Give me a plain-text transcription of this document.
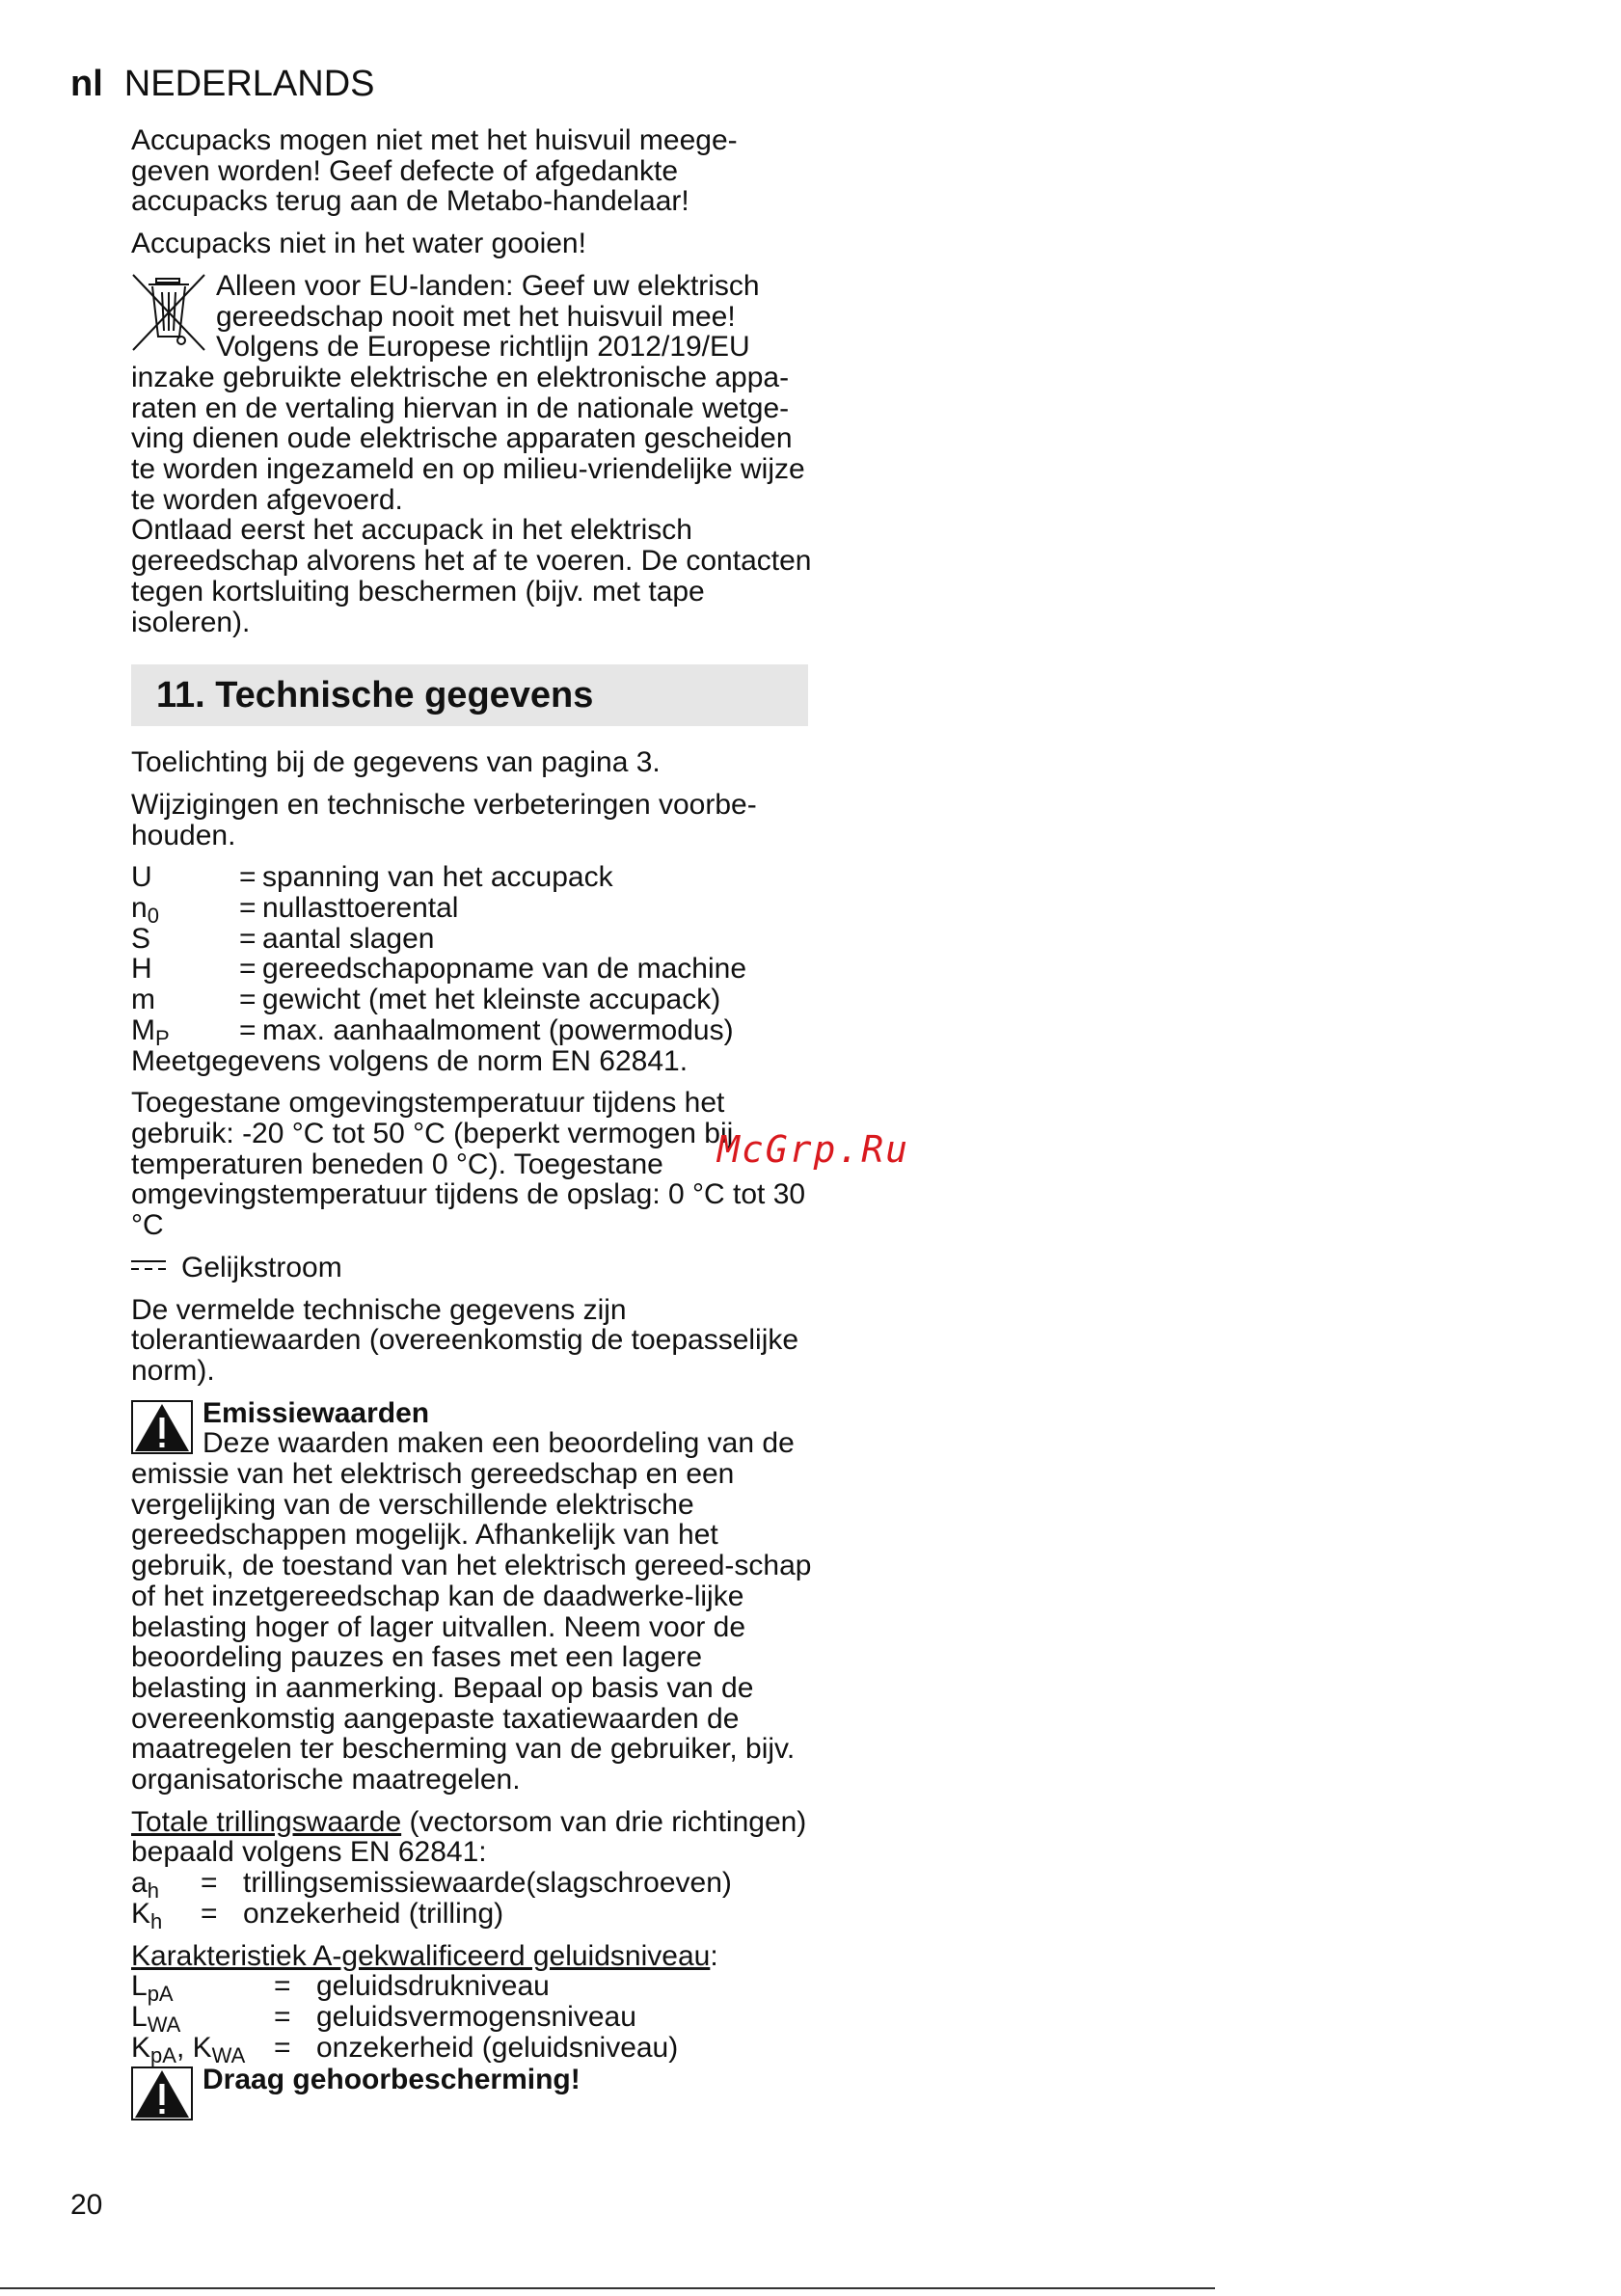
nl NEDERLANDS

Accupacks mogen niet met het huisvuil meege-geven worden! Geef defecte of afgedankte accupacks terug aan de Metabo-handelaar!

Accupacks niet in het water gooien!

Alleen voor EU-landen: Geef uw elektrisch gereedschap nooit met het huisvuil mee! Volgens de Europese richtlijn 2012/19/EU inzake gebruikte elektrische en elektronische appa-raten en de vertaling hiervan in de nationale wetge-ving dienen oude elektrische apparaten gescheiden te worden ingezameld en op milieu-vriendelijke wijze te worden afgevoerd.
Ontlaad eerst het accupack in het elektrisch gereedschap alvorens het af te voeren. De contacten tegen kortsluiting beschermen (bijv. met tape isoleren).
11. Technische gegevens

Toelichting bij de gegevens van pagina 3.

Wijzigingen en technische verbeteringen voorbe-houden.

U	= spanning van het accupack
$n_0$	= nullasttoerental
S	= aantal slagen
H	= gereedschapopname van de machine
m	= gewicht (met het kleinste accupack)
$M_P$	= max. aanhaalmoment (powermodus)

Meetgegevens volgens de norm EN 62841.

Toegestane omgevingstemperatuur tijdens het gebruik: -20 °C tot 50 °C (beperkt vermogen bij temperaturen beneden 0 °C). Toegestane omgevingstemperatuur tijdens de opslag: 0 °C tot 30 °C

Gelijkstroom

De vermelde technische gegevens zijn tolerantiewaarden (overeenkomstig de toepasselijke norm).

Emissiewaarden
Deze waarden maken een beoordeling van de emissie van het elektrisch gereedschap en een vergelijking van de verschillende elektrische gereedschappen mogelijk. Afhankelijk van het gebruik, de toestand van het elektrisch gereed-schap of het inzetgereedschap kan de daadwerke-lijke belasting hoger of lager uitvallen. Neem voor de beoordeling pauzes en fases met een lagere belasting in aanmerking. Bepaal op basis van de overeenkomstig aangepaste taxatiewaarden de maatregelen ter bescherming van de gebruiker, bijv. organisatorische maatregelen.

Totale trillingswaarde (vectorsom van drie richtingen) bepaald volgens EN 62841:

$a_h$	= trillingsemissiewaarde(slagschroeven)
$K_h$	= onzekerheid (trilling)

Karakteristiek A-gekwalificeerd geluidsniveau:

$L_{pA}$	= geluidsdrukniveau
$L_{WA}$	= geluidsvermogensniveau
$K_{pA}$, $K_{WA}$ = onzekerheid (geluidsniveau)

Draag gehoorbescherming!

McGrp.Ru
20
